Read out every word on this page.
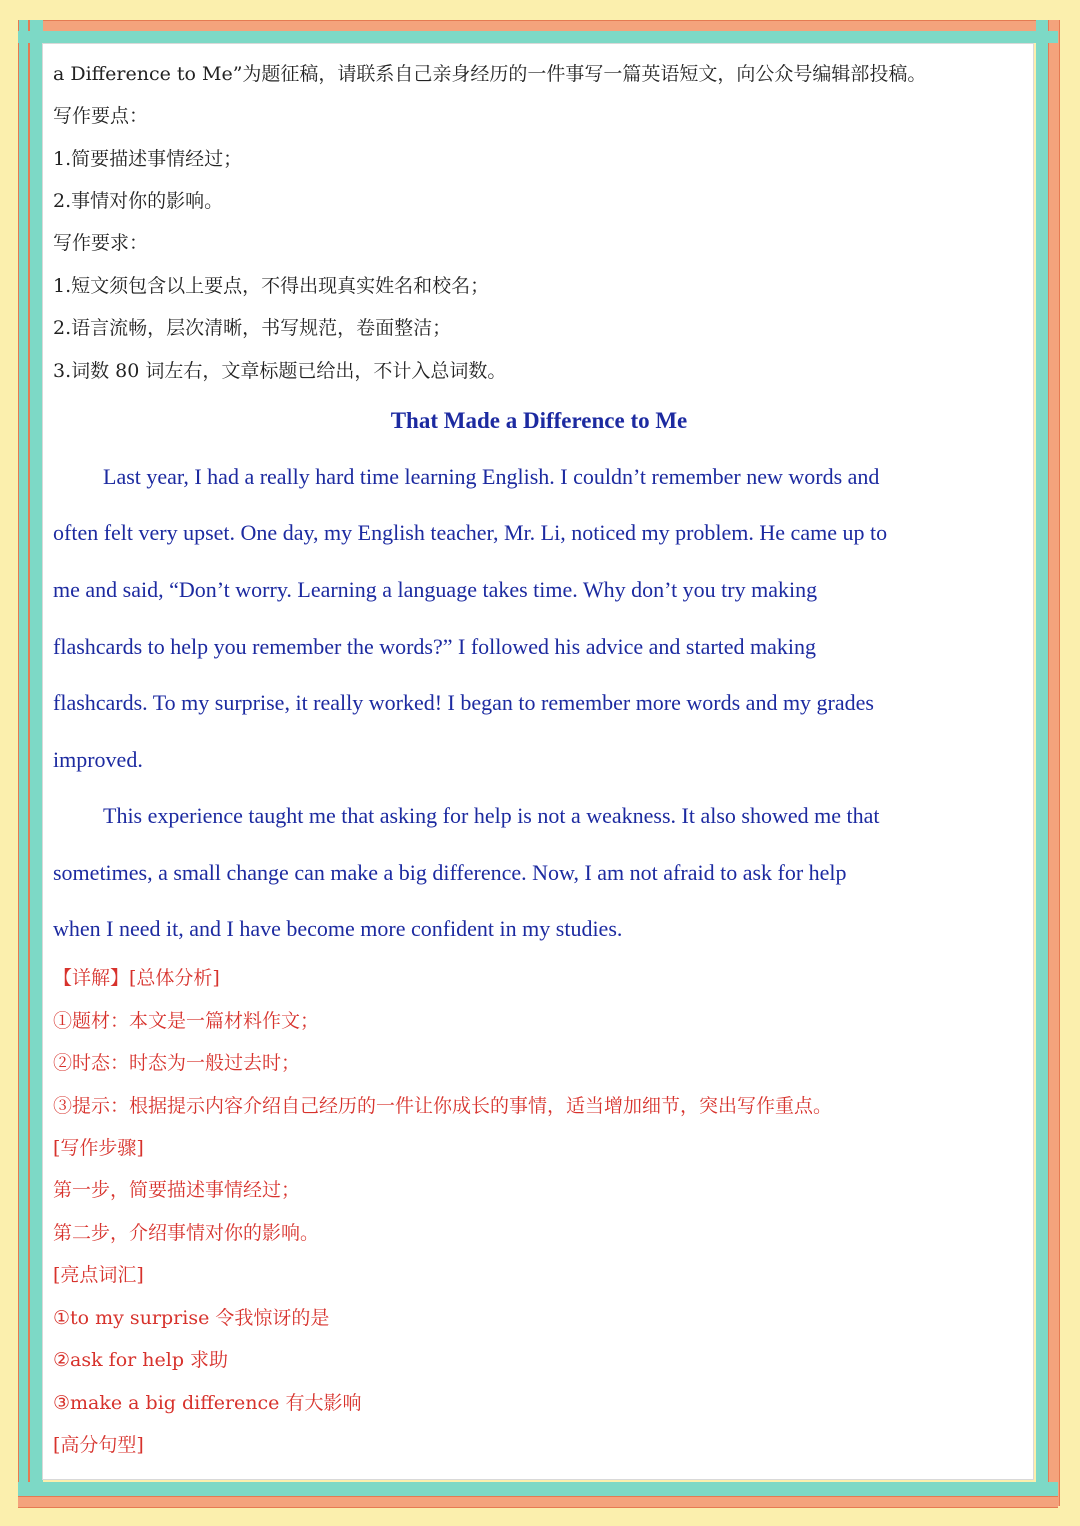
a Difference to Me”为题征稿，请联系自己亲身经历的一件事写一篇英语短文，向公众号编辑部投稿。
写作要点：
1.简要描述事情经过；
2.事情对你的影响。
写作要求：
1.短文须包含以上要点，不得出现真实姓名和校名；
2.语言流畅，层次清晰，书写规范，卷面整洁；
3.词数 80 词左右，文章标题已给出，不计入总词数。
That Made a Difference to Me
Last year, I had a really hard time learning English. I couldn’t remember new words and
often felt very upset. One day, my English teacher, Mr. Li, noticed my problem. He came up to
me and said, “Don’t worry. Learning a language takes time. Why don’t you try making
flashcards to help you remember the words?” I followed his advice and started making
flashcards. To my surprise, it really worked! I began to remember more words and my grades
improved.
This experience taught me that asking for help is not a weakness. It also showed me that
sometimes, a small change can make a big difference. Now, I am not afraid to ask for help
when I need it, and I have become more confident in my studies.
【详解】[总体分析]
①题材：本文是一篇材料作文；
②时态：时态为一般过去时；
③提示：根据提示内容介绍自己经历的一件让你成长的事情，适当增加细节，突出写作重点。
[写作步骤]
第一步，简要描述事情经过；
第二步，介绍事情对你的影响。
[亮点词汇]
①to my surprise 令我惊讶的是
②ask for help 求助
③make a big difference 有大影响
[高分句型]
